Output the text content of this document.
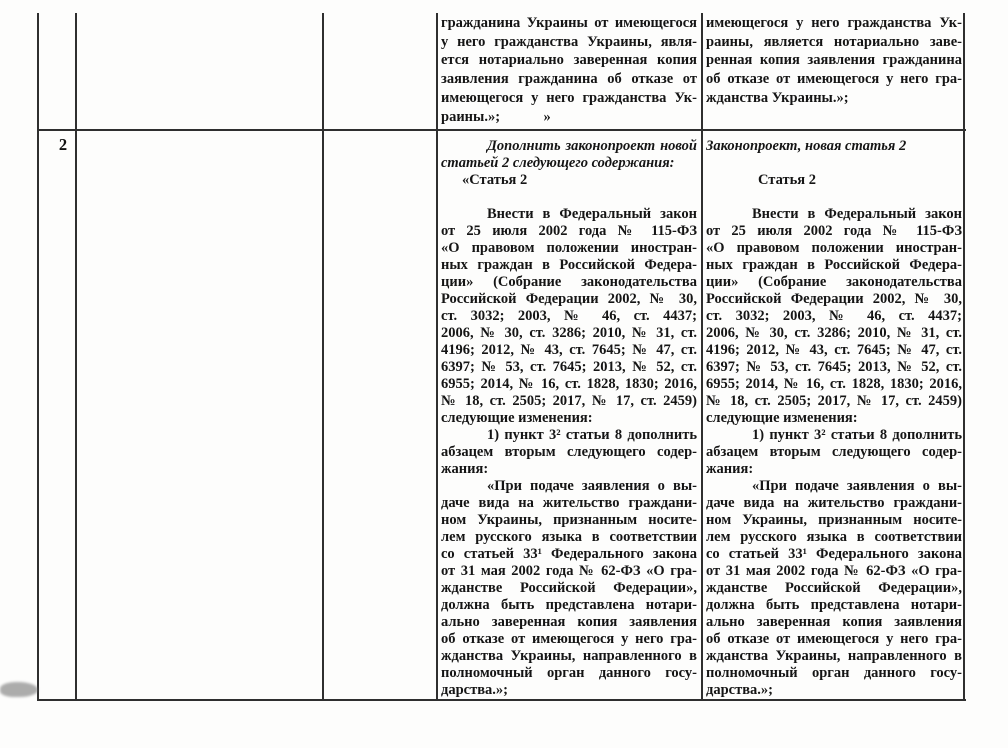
2
гражданина Украины от имеющегося
у него гражданства Украины, явля-
ется нотариально заверенная копия
заявления гражданина об отказе от
имеющегося у него гражданства Ук-
раины.»;            »
имеющегося у него гражданства Ук-
раины, является нотариально заве-
ренная копия заявления гражданина
об отказе от имеющегося у него гра-
жданства Украины.»;
Дополнить законопроект новой
статьей 2 следующего содержания:
«Статья 2
Внести в Федеральный закон
от 25 июля 2002 года № 115-ФЗ
«О правовом положении иностран-
ных граждан в Российской Федера-
ции» (Собрание законодательства
Российской Федерации 2002, № 30,
ст. 3032; 2003, № 46, ст. 4437;
2006, № 30, ст. 3286; 2010, № 31, ст.
4196; 2012, № 43, ст. 7645; № 47, ст.
6397; № 53, ст. 7645; 2013, № 52, ст.
6955; 2014, № 16, ст. 1828, 1830; 2016,
№ 18, ст. 2505; 2017, № 17, ст. 2459)
следующие изменения:
1) пункт 3² статьи 8 дополнить
абзацем вторым следующего содер-
жания:
«При подаче заявления о вы-
даче вида на жительство граждани-
ном Украины, признанным носите-
лем русского языка в соответствии
со статьей 33¹ Федерального закона
от 31 мая 2002 года № 62-ФЗ «О гра-
жданстве Российской Федерации»,
должна быть представлена нотари-
ально заверенная копия заявления
об отказе от имеющегося у него гра-
жданства Украины, направленного в
полномочный орган данного госу-
дарства.»;
Законопроект, новая статья 2
Статья 2
Внести в Федеральный закон
от 25 июля 2002 года № 115-ФЗ
«О правовом положении иностран-
ных граждан в Российской Федера-
ции» (Собрание законодательства
Российской Федерации 2002, № 30,
ст. 3032; 2003, № 46, ст. 4437;
2006, № 30, ст. 3286; 2010, № 31, ст.
4196; 2012, № 43, ст. 7645; № 47, ст.
6397; № 53, ст. 7645; 2013, № 52, ст.
6955; 2014, № 16, ст. 1828, 1830; 2016,
№ 18, ст. 2505; 2017, № 17, ст. 2459)
следующие изменения:
1) пункт 3² статьи 8 дополнить
абзацем вторым следующего содер-
жания:
«При подаче заявления о вы-
даче вида на жительство граждани-
ном Украины, признанным носите-
лем русского языка в соответствии
со статьей 33¹ Федерального закона
от 31 мая 2002 года № 62-ФЗ «О гра-
жданстве Российской Федерации»,
должна быть представлена нотари-
ально заверенная копия заявления
об отказе от имеющегося у него гра-
жданства Украины, направленного в
полномочный орган данного госу-
дарства.»;
